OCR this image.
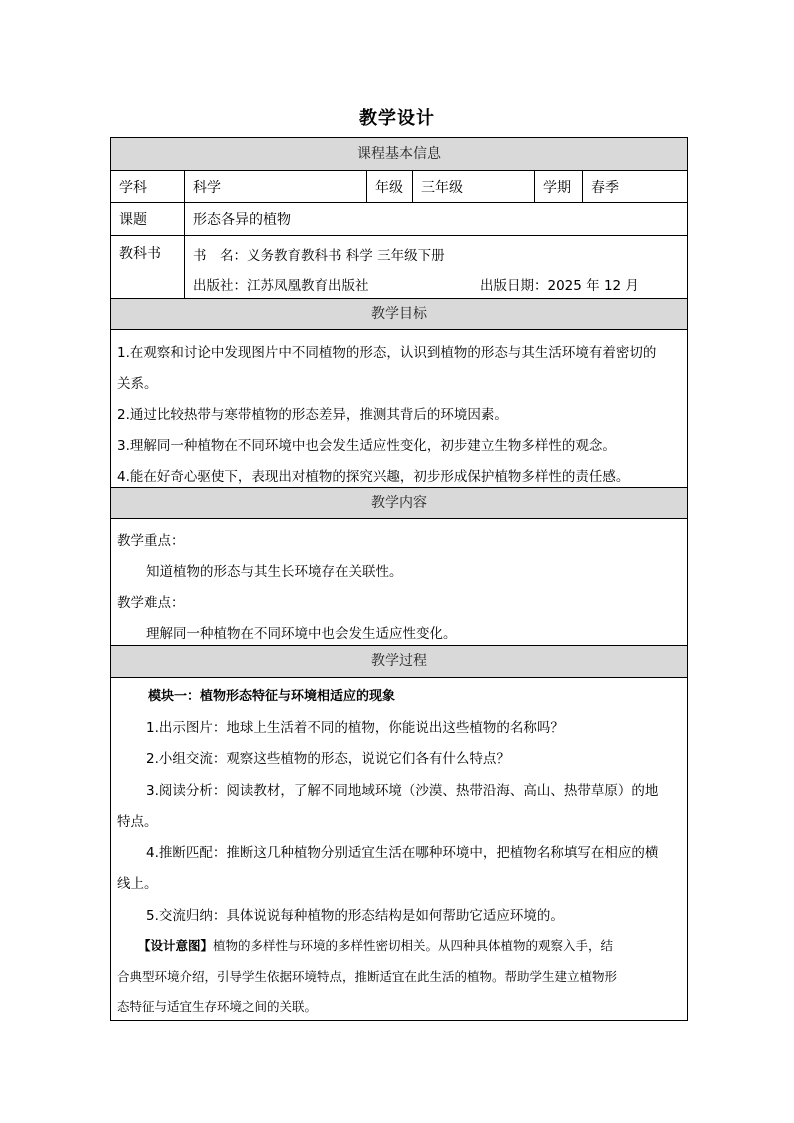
教学设计
课程基本信息
学科	科学	年级	三年级	学期	春季
课题	形态各异的植物
教科书 书　名：义务教育教科书 科学 三年级下册
出版社：江苏凤凰教育出版社	出版日期：2025 年 12 月
教学目标
1.在观察和讨论中发现图片中不同植物的形态，认识到植物的形态与其生活环境有着密切的
关系。
2.通过比较热带与寒带植物的形态差异，推测其背后的环境因素。
3.理解同一种植物在不同环境中也会发生适应性变化，初步建立生物多样性的观念。
4.能在好奇心驱使下，表现出对植物的探究兴趣，初步形成保护植物多样性的责任感。
教学内容
教学重点：
知道植物的形态与其生长环境存在关联性。
教学难点：
理解同一种植物在不同环境中也会发生适应性变化。
教学过程
模块一：植物形态特征与环境相适应的现象
1.出示图片：地球上生活着不同的植物，你能说出这些植物的名称吗？
2.小组交流：观察这些植物的形态，说说它们各有什么特点？
3.阅读分析：阅读教材，了解不同地域环境（沙漠、热带沿海、高山、热带草原）的地
特点。
4.推断匹配：推断这几种植物分别适宜生活在哪种环境中，把植物名称填写在相应的横
线上。
5.交流归纳：具体说说每种植物的形态结构是如何帮助它适应环境的。
【设计意图】植物的多样性与环境的多样性密切相关。从四种具体植物的观察入手，结
合典型环境介绍，引导学生依据环境特点，推断适宜在此生活的植物。帮助学生建立植物形
态特征与适宜生存环境之间的关联。
